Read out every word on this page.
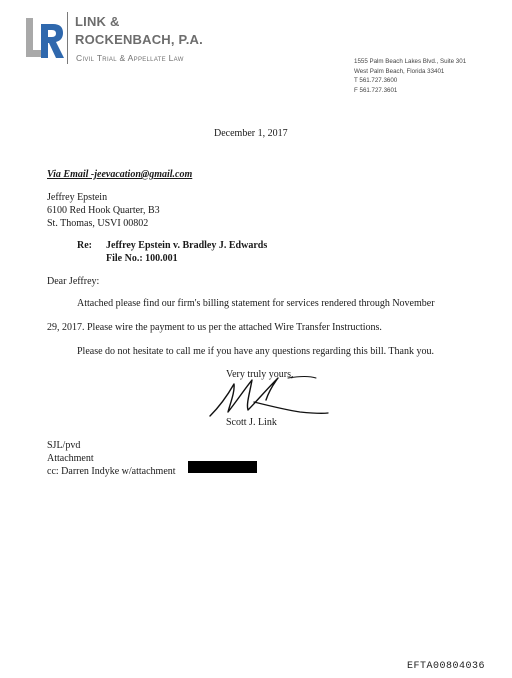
LINK &
ROCKENBACH, P.A.
Civil Trial & Appellate Law	1555 Palm Beach Lakes Blvd., Suite 301
West Palm Beach, Florida 33401
T 561.727.3600
F 561.727.3601
December 1, 2017
Via Email -jeevacation@gmail.com
Jeffrey Epstein
6100 Red Hook Quarter, B3
St. Thomas, USVI 00802
Re: Jeffrey Epstein v. Bradley J. Edwards
File No.: 100.001
Dear Jeffrey:
Attached please find our firm's billing statement for services rendered through November
29, 2017. Please wire the payment to us per the attached Wire Transfer Instructions.
Please do not hesitate to call me if you have any questions regarding this bill. Thank you.
Very truly yours,
Scott J. Link
SJL/pvd
Attachment
cc: Darren Indyke w/attachment
EFTA00804036
